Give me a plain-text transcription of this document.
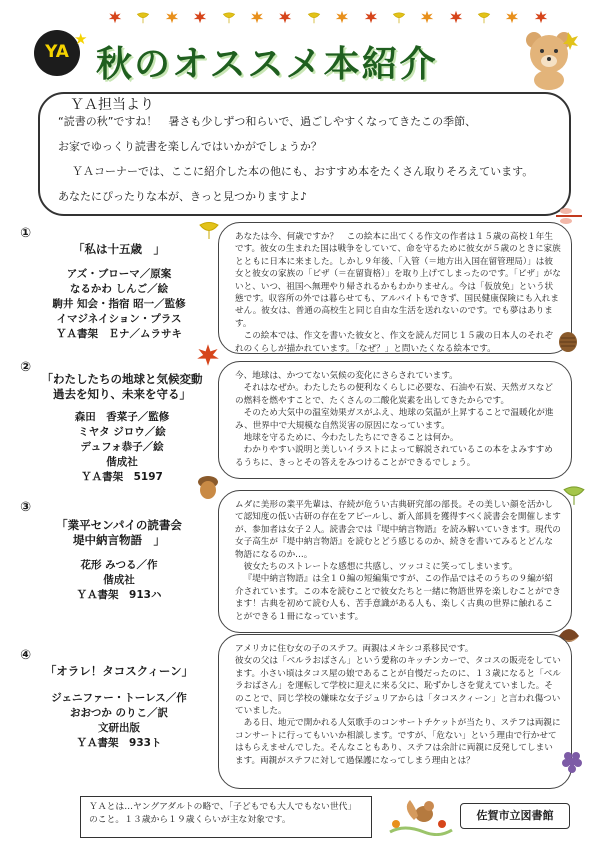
YA
★
秋のオススメ本紹介
ＹＡ担当より
“読書の秋”ですね！　暑さも少しずつ和らいで、過ごしやすくなってきたこの季節、
お家でゆっくり読書を楽しんではいかがでしょうか？
ＹＡコーナーでは、ここに紹介した本の他にも、おすすめ本をたくさん取りそろえています。
あなたにぴったりな本が、きっと見つかりますよ♪
①
「私は十五歳　」
アズ・ブローマ／原案
なるかわ しんご／絵
駒井 知会・指宿 昭一／監修
イマジネイション・プラス
ＹＡ書架　Ｅナ／ムラサキ

あなたは今、何歳ですか？　この絵本に出てくる作文の作者は１５歳の高校１年生です。彼女の生まれた国は戦争をしていて、命を守るために彼女が５歳のときに家族とともに日本に来ました。しかし９年後、「入管（＝地方出入国在留管理局）」は彼女と彼女の家族の「ビザ（＝在留資格）」を取り上げてしまったのです。「ビザ」がないと、いつ、祖国へ無理やり帰されるかもわかりません。今は「仮放免」という状態です。収容所の外では暮らせても、アルバイトもできず、国民健康保険にも入れません。彼女は、普通の高校生と同じ自由な生活を送れないのです。でも夢はあります。

この絵本では、作文を書いた彼女と、作文を読んだ同じ１５歳の日本人のそれぞれのくらしが描かれています。「なぜ？」と問いたくなる絵本です。

②
「わたしたちの地球と気候変動
過去を知り、未来を守る」
森田　香菜子／監修
ミヤタ ジロウ／絵
デュフォ恭子／絵
偕成社
ＹＡ書架　5197

今、地球は、かつてない気候の変化にさらされています。

それはなぜか。わたしたちの便利なくらしに必要な、石油や石炭、天然ガスなどの燃料を燃やすことで、たくさんの二酸化炭素を出してきたからです。

そのため大気中の温室効果ガスがふえ、地球の気温が上昇することで温暖化が進み、世界中で大規模な自然災害の原因になっています。

地球を守るために、今わたしたちにできることは何か。

わかりやすい説明と美しいイラストによって解説されているこの本をよみすすめるうちに、きっとその答えをみつけることができるでしょう。

③
「業平センパイの読書会
堤中納言物語　」
花形 みつる／作
偕成社
ＹＡ書架　913ハ

ムダに美形の業平先輩は、存続が危うい古典研究部の部長。その美しい顔を活かして認知度の低い古研の存在をアピールし、新入部員を獲得すべく読書会を開催しますが、参加者は女子２人。読書会では『堤中納言物語』を読み解いていきます。現代の女子高生が『堤中納言物語』を読むとどう感じるのか、続きを書いてみるとどんな物語になるのか…。

彼女たちのストレートな感想に共感し、ツッコミに笑ってしまいます。

『堤中納言物語』は全１０編の短編集ですが、この作品ではそのうちの９編が紹介されています。この本を読むことで彼女たちと一緒に物語世界を楽しむことができます！古典を初めて読む人も、苦手意識がある人も、楽しく古典の世界に触れることができる１冊になっています。

④
「オラレ！タコスクィーン」
ジェニファー・トーレス／作
おおつか のりこ／訳
文研出版
ＹＡ書架　933ト

アメリカに住む女の子のステフ。両親はメキシコ系移民です。

彼女の父は「ベルラおばさん」という愛称のキッチンカーで、タコスの販売をしています。小さい頃はタコス屋の娘であることが自慢だったのに、１３歳になると「ベルラおばさん」を運転して学校に迎えに来る父に、恥ずかしさを覚えていました。そのことで、同じ学校の嫌味な女子ジュリアからは「タコスクィーン」と言われ傷ついていました。

ある日、地元で開かれる人気歌手のコンサートチケットが当たり、ステフは両親にコンサートに行ってもいいか相談します。ですが、「危ない」という理由で行かせてはもらえませんでした。そんなこともあり、ステフは余計に両親に反発してしまいます。両親がステフに対して過保護になってしまう理由とは？

ＹＡとは…ヤングアダルトの略で、「子どもでも大人でもない世代」のこと。１３歳から１９歳くらいが主な対象です。	佐賀市立図書館
